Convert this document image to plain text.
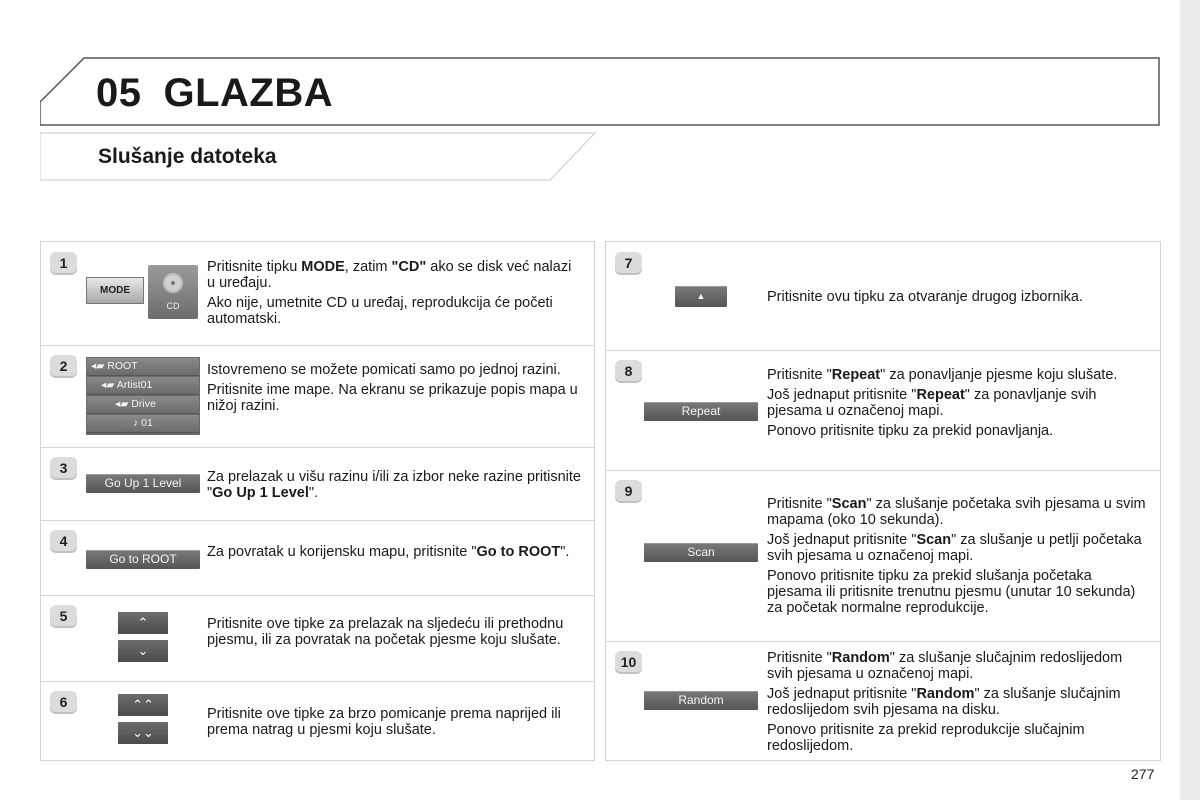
05 GLAZBA
Slušanje datoteka
1
MODE
CD

Pritisnite tipku MODE, zatim "CD" ako se disk već nalazi u uređaju.

Ako nije, umetnite CD u uređaj, reprodukcija će početi automatski.

2	◂▰ ROOT
◂▰ Artist01
◂▰ Drive
♪ 01

Istovremeno se možete pomicati samo po jednoj razini.

Pritisnite ime mape. Na ekranu se prikazuje popis mapa u nižoj razini.

3
Go Up 1 Level	Za prelazak u višu razinu i/ili za izbor neke razine pritisnite "Go Up 1 Level".
4
Go to ROOT	Za povratak u korijensku mapu, pritisnite "Go to ROOT".
5	⌃
⌄
Pritisnite ove tipke za prelazak na sljedeću ili prethodnu pjesmu, ili za povratak na početak pjesme koju slušate.
6	⌃⌃
⌄⌄
Pritisnite ove tipke za brzo pomicanje prema naprijed ili prema natrag u pjesmi koju slušate.
7
▲	Pritisnite ovu tipku za otvaranje drugog izbornika.
8
Repeat

Pritisnite "Repeat" za ponavljanje pjesme koju slušate.

Još jednaput pritisnite "Repeat" za ponavljanje svih pjesama u označenoj mapi.

Ponovo pritisnite tipku za prekid ponavljanja.

9
Scan

Pritisnite "Scan" za slušanje početaka svih pjesama u svim mapama (oko 10 sekunda).

Još jednaput pritisnite "Scan" za slušanje u petlji početaka svih pjesama u označenoj mapi.

Ponovo pritisnite tipku za prekid slušanja početaka pjesama ili pritisnite trenutnu pjesmu (unutar 10 sekunda) za početak normalne reprodukcije.

10
Random

Pritisnite "Random" za slušanje slučajnim redoslijedom svih pjesama u označenoj mapi.

Još jednaput pritisnite "Random" za slušanje slučajnim redoslijedom svih pjesama na disku.

Ponovo pritisnite za prekid reprodukcije slučajnim redoslijedom.

277
